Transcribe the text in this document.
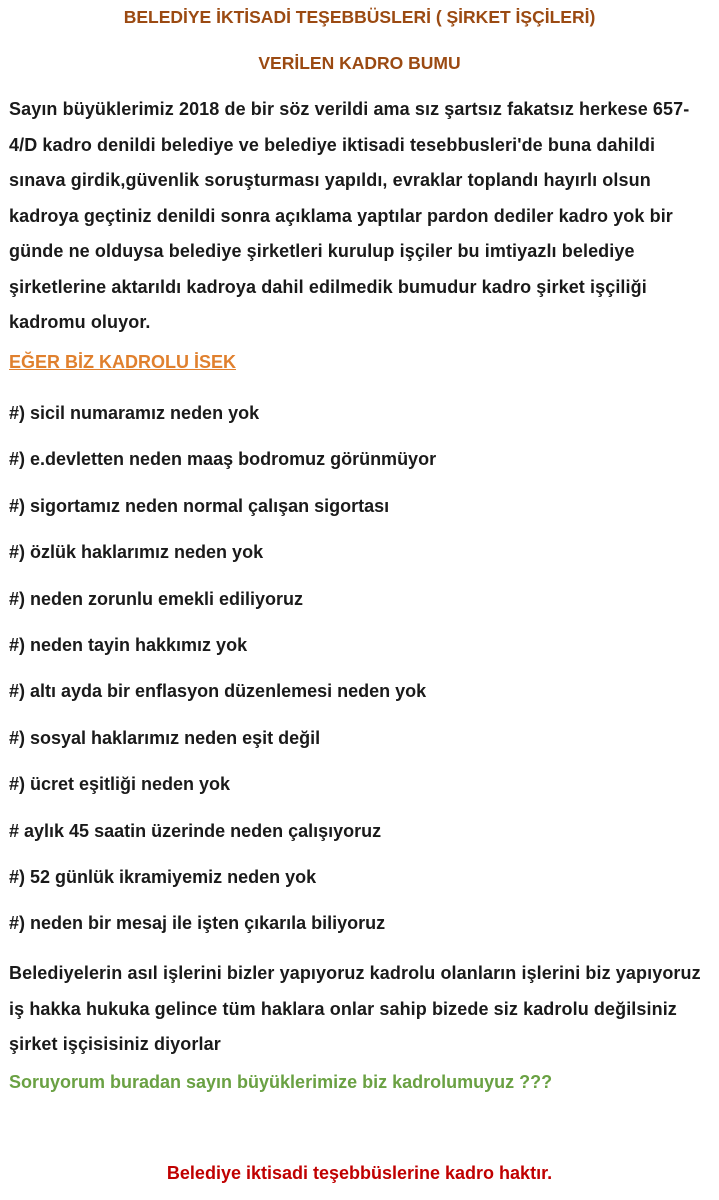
BELEDİYE İKTİSADİ TEŞEBBÜSLERİ ( ŞİRKET İŞÇİLERİ)
VERİLEN KADRO BUMU
Sayın büyüklerimiz 2018 de bir söz verildi ama sız şartsız fakatsız herkese 657-4/D kadro denildi belediye ve belediye iktisadi tesebbusleri'de buna dahildi sınava girdik,güvenlik soruşturması yapıldı, evraklar toplandı hayırlı olsun kadroya geçtiniz denildi sonra açıklama yaptılar pardon dediler kadro yok bir günde ne olduysa belediye şirketleri kurulup işçiler bu imtiyazlı belediye şirketlerine aktarıldı kadroya dahil edilmedik bumudur kadro şirket işçiliği kadromu oluyor.
EĞER BİZ KADROLU İSEK
#) sicil numaramız neden yok
#) e.devletten neden maaş bodromuz görünmüyor
#) sigortamız neden normal çalışan sigortası
#) özlük haklarımız neden yok
#) neden zorunlu emekli ediliyoruz
#) neden tayin hakkımız yok
#) altı ayda bir enflasyon düzenlemesi neden yok
#) sosyal haklarımız neden eşit değil
#) ücret eşitliği neden yok
# aylık 45 saatin üzerinde neden çalışıyoruz
#) 52 günlük ikramiyemiz neden yok
#) neden bir mesaj ile işten çıkarıla biliyoruz
Belediyelerin asıl işlerini bizler yapıyoruz kadrolu olanların işlerini biz yapıyoruz iş hakka hukuka gelince tüm haklara onlar sahip bizede siz kadrolu değilsiniz şirket işçisisiniz diyorlar
Soruyorum buradan sayın büyüklerimize biz kadrolumuyuz ???
Belediye iktisadi teşebbüslerine kadro haktır.
